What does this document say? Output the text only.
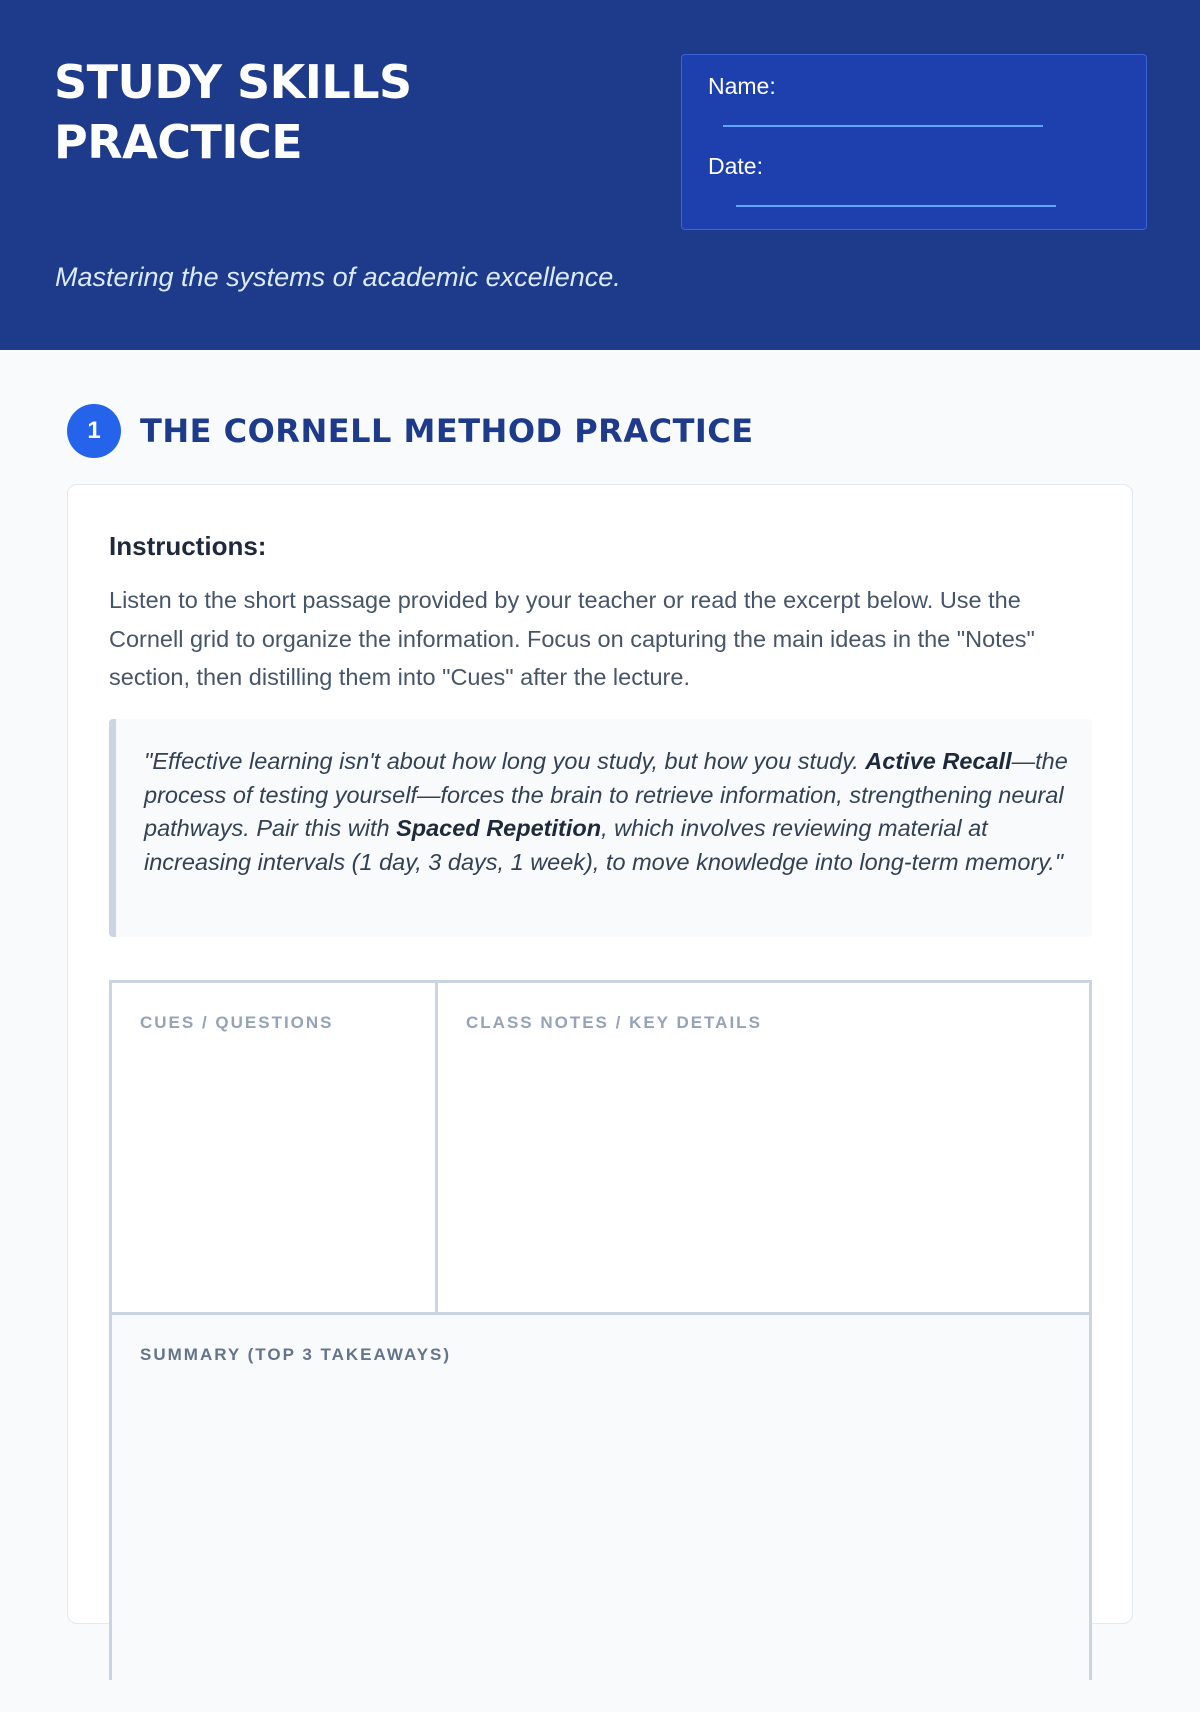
STUDY SKILLS
PRACTICE
Mastering the systems of academic excellence.
Name:
Date:
1	THE CORNELL METHOD PRACTICE
Instructions:
Listen to the short passage provided by your teacher or read the excerpt below. Use the Cornell grid to organize the information. Focus on capturing the main ideas in the "Notes" section, then distilling them into "Cues" after the lecture.
"Effective learning isn't about how long you study, but how you study. Active Recall—the process of testing yourself—forces the brain to retrieve information, strengthening neural pathways. Pair this with Spaced Repetition, which involves reviewing material at increasing intervals (1 day, 3 days, 1 week), to move knowledge into long-term memory."
CUES / QUESTIONS	CLASS NOTES / KEY DETAILS
SUMMARY (TOP 3 TAKEAWAYS)
